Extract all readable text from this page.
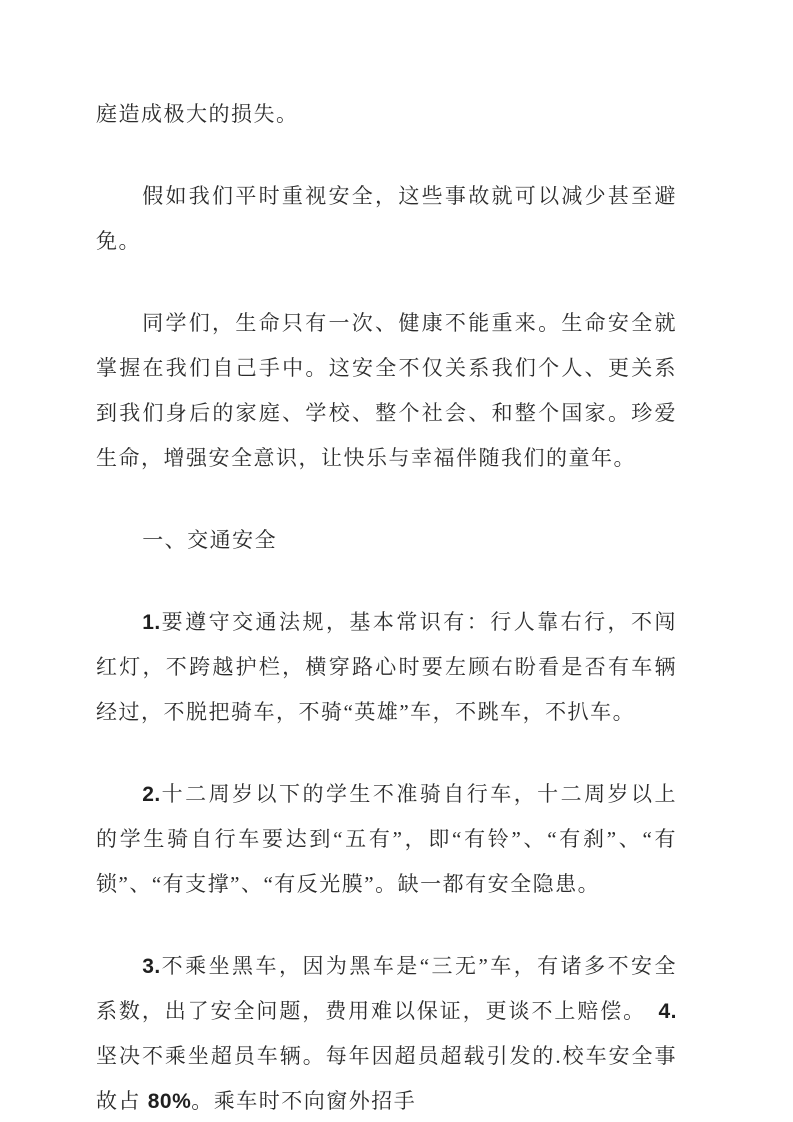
庭造成极大的损失。

假如我们平时重视安全，这些事故就可以减少甚至避免。

同学们，生命只有一次、健康不能重来。生命安全就掌握在我们自己手中。这安全不仅关系我们个人、更关系到我们身后的家庭、学校、整个社会、和整个国家。珍爱生命，增强安全意识，让快乐与幸福伴随我们的童年。

一、交通安全

1.要遵守交通法规，基本常识有：行人靠右行，不闯红灯，不跨越护栏，横穿路心时要左顾右盼看是否有车辆经过，不脱把骑车，不骑“英雄”车，不跳车，不扒车。

2.十二周岁以下的学生不准骑自行车，十二周岁以上的学生骑自行车要达到“五有”，即“有铃”、“有刹”、“有锁”、“有支撑”、“有反光膜”。缺一都有安全隐患。

3.不乘坐黑车，因为黑车是“三无”车，有诸多不安全系数，出了安全问题，费用难以保证，更谈不上赔偿。　4.坚决不乘坐超员车辆。每年因超员超载引发的.校车安全事故占 80%。乘车时不向窗外招手
